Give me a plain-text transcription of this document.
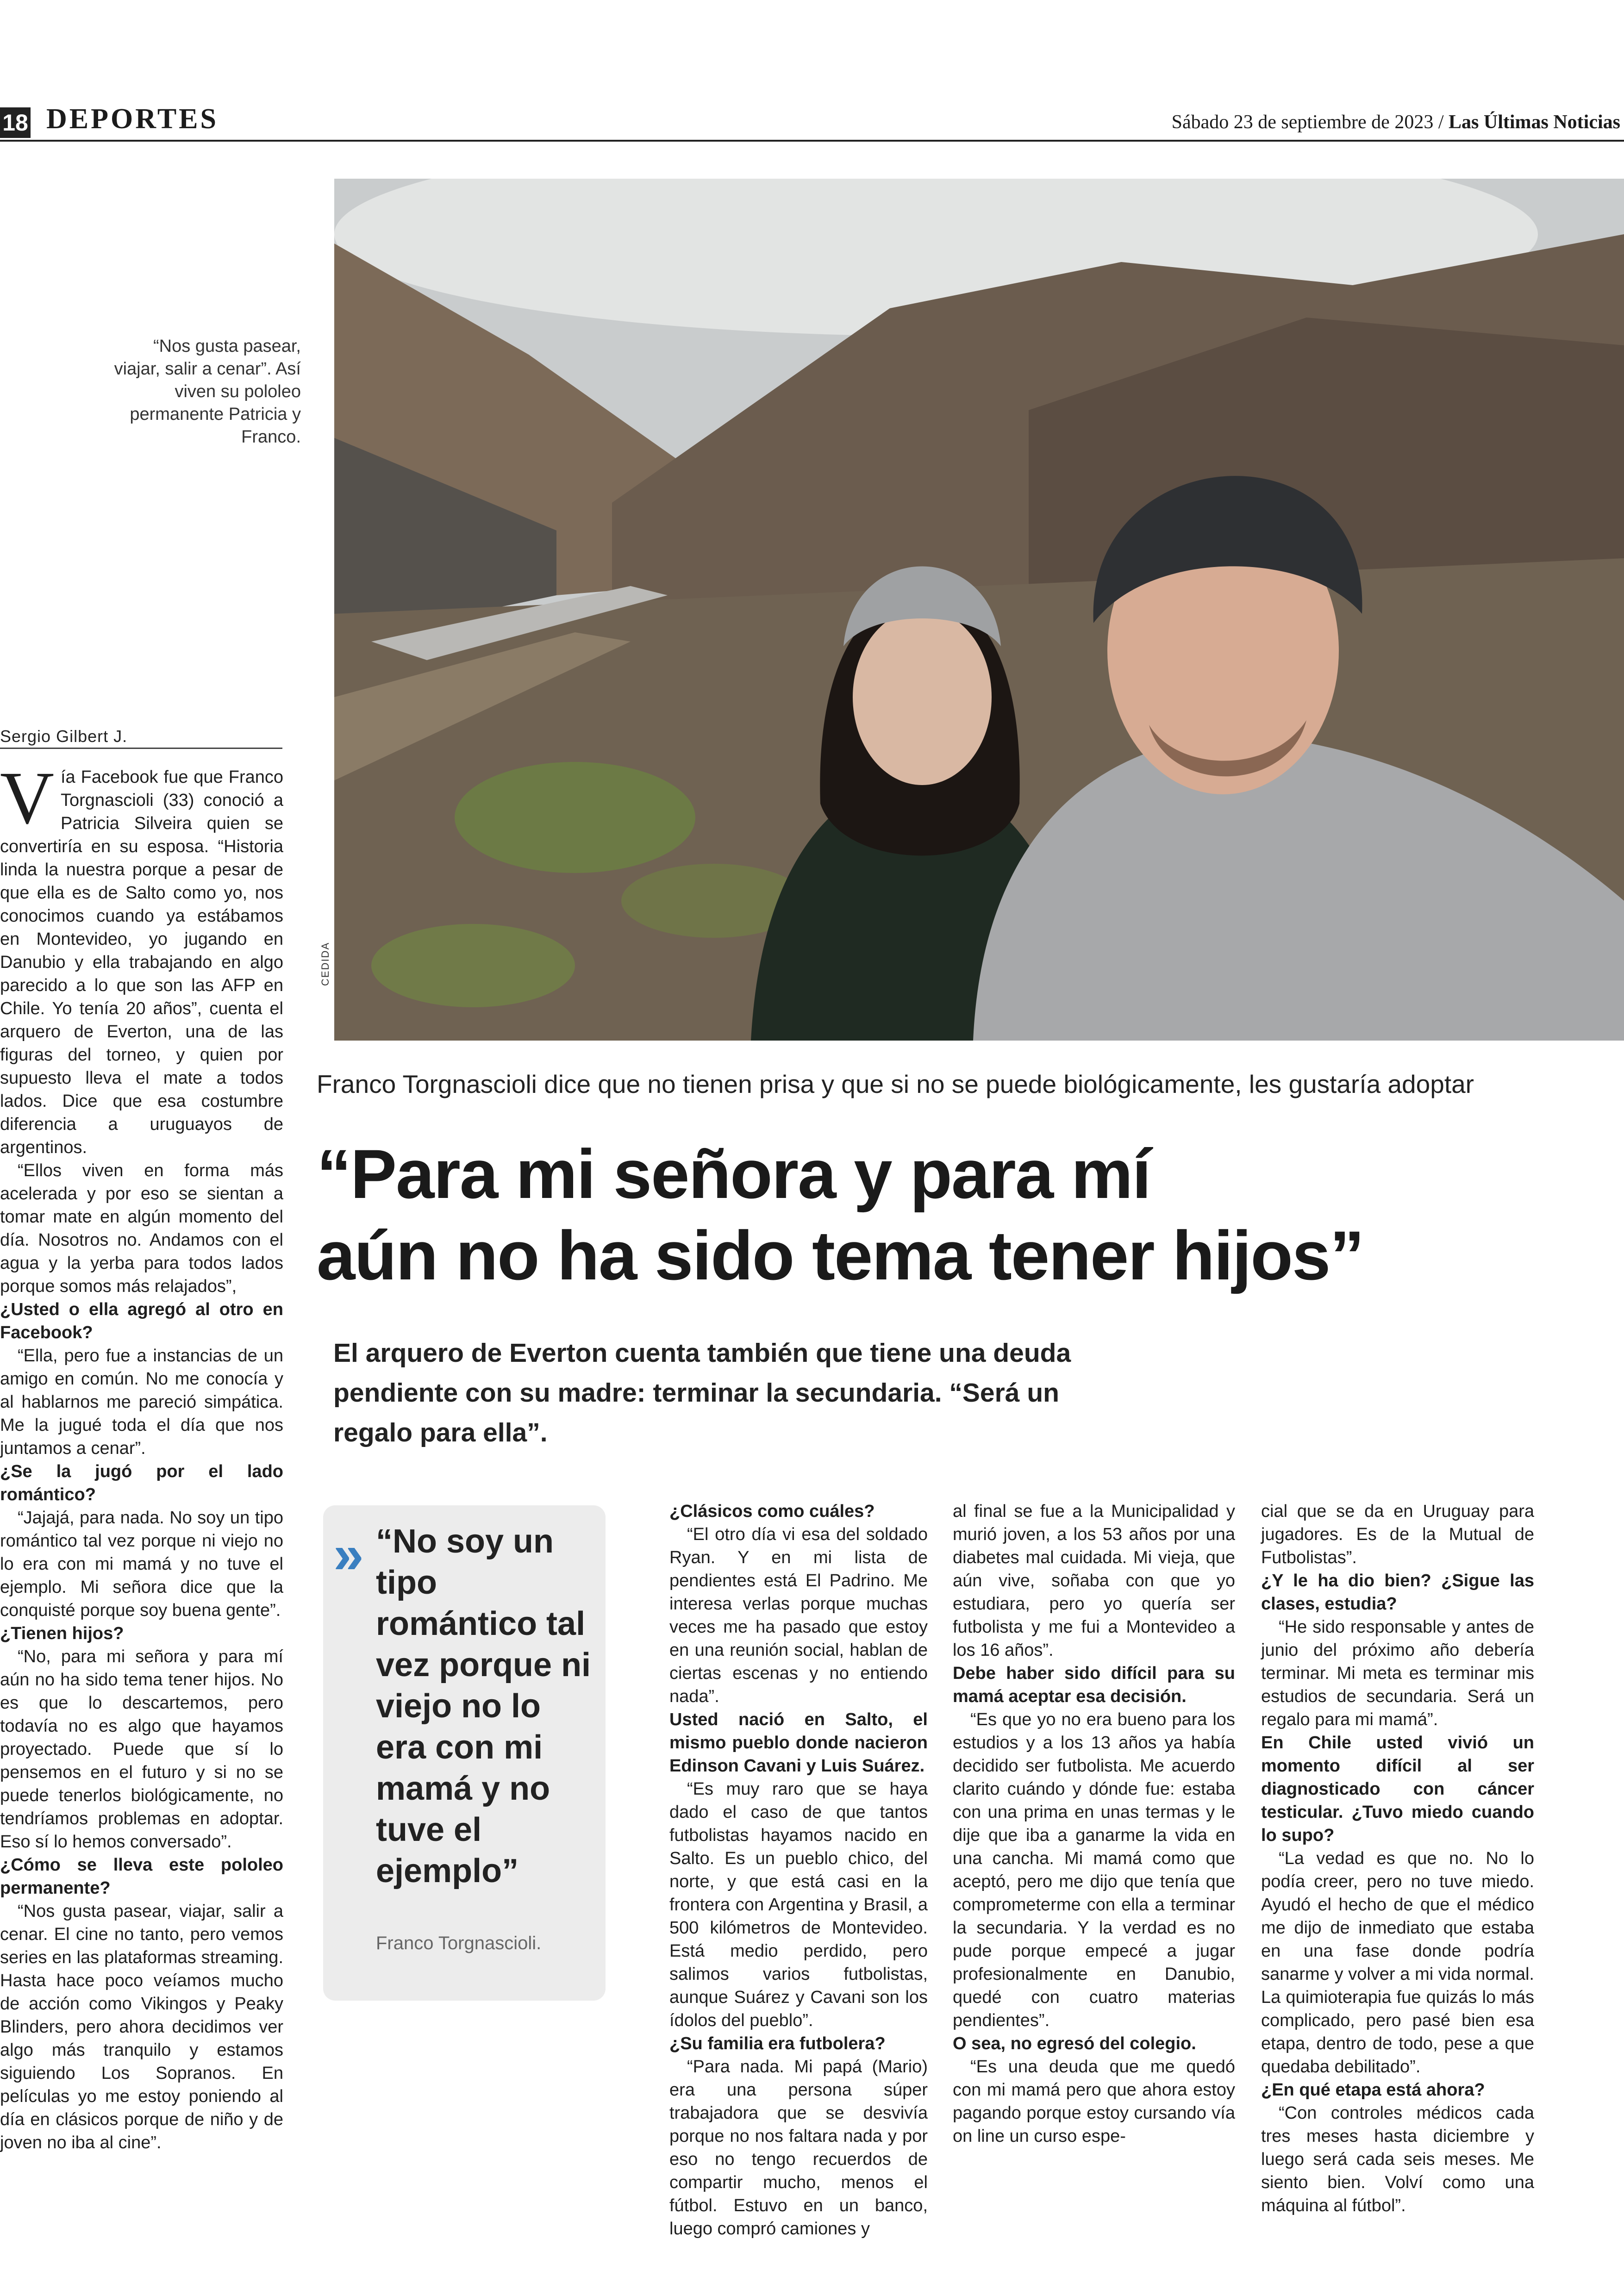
18 DEPORTES	Sábado 23 de septiembre de 2023 / Las Últimas Noticias
CEDIDA
“Nos gusta pasear, viajar, salir a cenar”. Así viven su pololeo permanente Patricia y Franco.
Sergio Gilbert J.

Vía Facebook fue que Franco Torgnascioli (33) conoció a Patricia Silveira quien se convertiría en su esposa. “Historia linda la nuestra porque a pesar de que ella es de Salto como yo, nos conocimos cuando ya estábamos en Montevideo, yo jugando en Danubio y ella trabajando en algo parecido a lo que son las AFP en Chile. Yo tenía 20 años”, cuenta el arquero de Everton, una de las figuras del torneo, y quien por supuesto lleva el mate a todos lados. Dice que esa costumbre diferencia a uruguayos de argentinos.

“Ellos viven en forma más acelerada y por eso se sientan a tomar mate en algún momento del día. Nosotros no. Andamos con el agua y la yerba para todos lados porque somos más relajados”,

¿Usted o ella agregó al otro en Facebook?

“Ella, pero fue a instancias de un amigo en común. No me conocía y al hablarnos me pareció simpática. Me la jugué toda el día que nos juntamos a cenar”.

¿Se la jugó por el lado romántico?

“Jajajá, para nada. No soy un tipo romántico tal vez porque ni viejo no lo era con mi mamá y no tuve el ejemplo. Mi señora dice que la conquisté porque soy buena gente”.

¿Tienen hijos?

“No, para mi señora y para mí aún no ha sido tema tener hijos. No es que lo descartemos, pero todavía no es algo que hayamos proyectado. Puede que sí lo pensemos en el futuro y si no se puede tenerlos biológicamente, no tendríamos problemas en adoptar. Eso sí lo hemos conversado”.

¿Cómo se lleva este pololeo permanente?

“Nos gusta pasear, viajar, salir a cenar. El cine no tanto, pero vemos series en las plataformas streaming. Hasta hace poco veíamos mucho de acción como Vikingos y Peaky Blinders, pero ahora decidimos ver algo más tranquilo y estamos siguiendo Los Sopranos. En películas yo me estoy poniendo al día en clásicos porque de niño y de joven no iba al cine”.

Franco Torgnascioli dice que no tienen prisa y que si no se puede biológicamente, les gustaría adoptar
“Para mi señora y para mí
aún no ha sido tema tener hijos”
El arquero de Everton cuenta también que tiene una deuda pendiente con su madre: terminar la secundaria. “Será un regalo para ella”.
» “No soy un tipo romántico tal vez porque ni viejo no lo era con mi mamá y no tuve el ejemplo”
Franco Torgnascioli.

¿Clásicos como cuáles?

“El otro día vi esa del soldado Ryan. Y en mi lista de pendientes está El Padrino. Me interesa verlas porque muchas veces me ha pasado que estoy en una reunión social, hablan de ciertas escenas y no entiendo nada”.

Usted nació en Salto, el mismo pueblo donde nacieron Edinson Cavani y Luis Suárez.

“Es muy raro que se haya dado el caso de que tantos futbolistas hayamos nacido en Salto. Es un pueblo chico, del norte, y que está casi en la frontera con Argentina y Brasil, a 500 kilómetros de Montevideo. Está medio perdido, pero salimos varios futbolistas, aunque Suárez y Cavani son los ídolos del pueblo”.

¿Su familia era futbolera?

“Para nada. Mi papá (Mario) era una persona súper trabajadora que se desvivía porque no nos faltara nada y por eso no tengo recuerdos de compartir mucho, menos el fútbol. Estuvo en un banco, luego compró camiones y

al final se fue a la Municipalidad y murió joven, a los 53 años por una diabetes mal cuidada. Mi vieja, que aún vive, soñaba con que yo estudiara, pero yo quería ser futbolista y me fui a Montevideo a los 16 años”.

Debe haber sido difícil para su mamá aceptar esa decisión.

“Es que yo no era bueno para los estudios y a los 13 años ya había decidido ser futbolista. Me acuerdo clarito cuándo y dónde fue: estaba con una prima en unas termas y le dije que iba a ganarme la vida en una cancha. Mi mamá como que aceptó, pero me dijo que tenía que comprometerme con ella a terminar la secundaria. Y la verdad es no pude porque empecé a jugar profesionalmente en Danubio, quedé con cuatro materias pendientes”.

O sea, no egresó del colegio.

“Es una deuda que me quedó con mi mamá pero que ahora estoy pagando porque estoy cursando vía on line un curso espe-

cial que se da en Uruguay para jugadores. Es de la Mutual de Futbolistas”.

¿Y le ha dio bien? ¿Sigue las clases, estudia?

“He sido responsable y antes de junio del próximo año debería terminar. Mi meta es terminar mis estudios de secundaria. Será un regalo para mi mamá”.

En Chile usted vivió un momento difícil al ser diagnosticado con cáncer testicular. ¿Tuvo miedo cuando lo supo?

“La vedad es que no. No lo podía creer, pero no tuve miedo. Ayudó el hecho de que el médico me dijo de inmediato que estaba en una fase donde podría sanarme y volver a mi vida normal. La quimioterapia fue quizás lo más complicado, pero pasé bien esa etapa, dentro de todo, pese a que quedaba debilitado”.

¿En qué etapa está ahora?

“Con controles médicos cada tres meses hasta diciembre y luego será cada seis meses. Me siento bien. Volví como una máquina al fútbol”.
